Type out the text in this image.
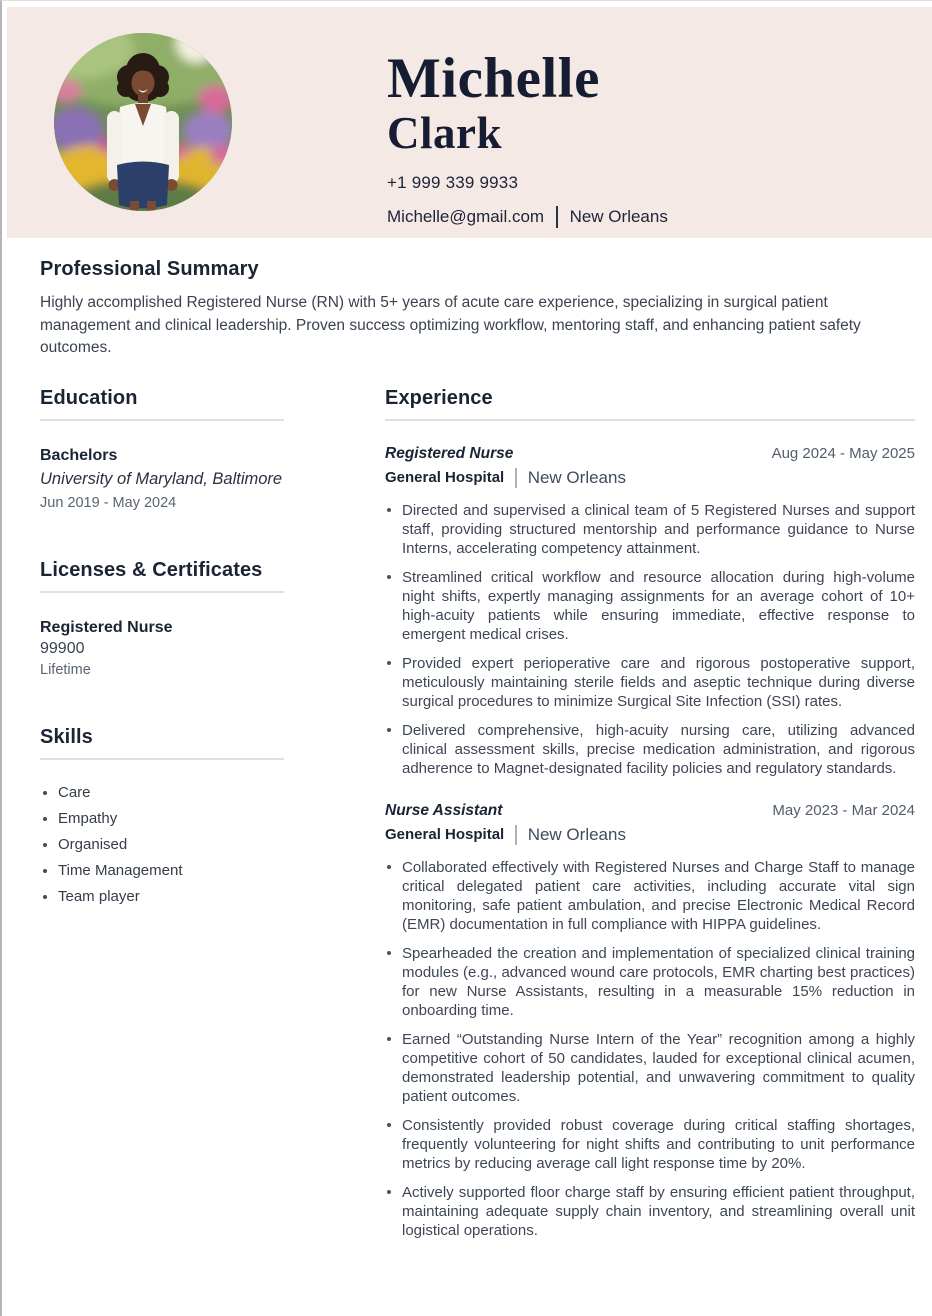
Michelle
Clark
+1 999 339 9933
Michelle@gmail.com New Orleans
Professional Summary
Highly accomplished Registered Nurse (RN) with 5+ years of acute care experience, specializing in surgical patient management and clinical leadership. Proven success optimizing workflow, mentoring staff, and enhancing patient safety outcomes.
Education
Bachelors
University of Maryland, Baltimore
Jun 2019 - May 2024
Licenses & Certificates
Registered Nurse
99900
Lifetime
Skills
Care
Empathy
Organised
Time Management
Team player
Experience
Registered Nurse	Aug 2024 - May 2025
General Hospital New Orleans
Directed and supervised a clinical team of 5 Registered Nurses and support staff, providing structured mentorship and performance guidance to Nurse Interns, accelerating competency attainment.
Streamlined critical workflow and resource allocation during high-volume night shifts, expertly managing assignments for an average cohort of 10+ high-acuity patients while ensuring immediate, effective response to emergent medical crises.
Provided expert perioperative care and rigorous postoperative support, meticulously maintaining sterile fields and aseptic technique during diverse surgical procedures to minimize Surgical Site Infection (SSI) rates.
Delivered comprehensive, high-acuity nursing care, utilizing advanced clinical assessment skills, precise medication administration, and rigorous adherence to Magnet-designated facility policies and regulatory standards.
Nurse Assistant	May 2023 - Mar 2024
General Hospital New Orleans
Collaborated effectively with Registered Nurses and Charge Staff to manage critical delegated patient care activities, including accurate vital sign monitoring, safe patient ambulation, and precise Electronic Medical Record (EMR) documentation in full compliance with HIPPA guidelines.
Spearheaded the creation and implementation of specialized clinical training modules (e.g., advanced wound care protocols, EMR charting best practices) for new Nurse Assistants, resulting in a measurable 15% reduction in onboarding time.
Earned “Outstanding Nurse Intern of the Year” recognition among a highly competitive cohort of 50 candidates, lauded for exceptional clinical acumen, demonstrated leadership potential, and unwavering commitment to quality patient outcomes.
Consistently provided robust coverage during critical staffing shortages, frequently volunteering for night shifts and contributing to unit performance metrics by reducing average call light response time by 20%.
Actively supported floor charge staff by ensuring efficient patient throughput, maintaining adequate supply chain inventory, and streamlining overall unit logistical operations.
